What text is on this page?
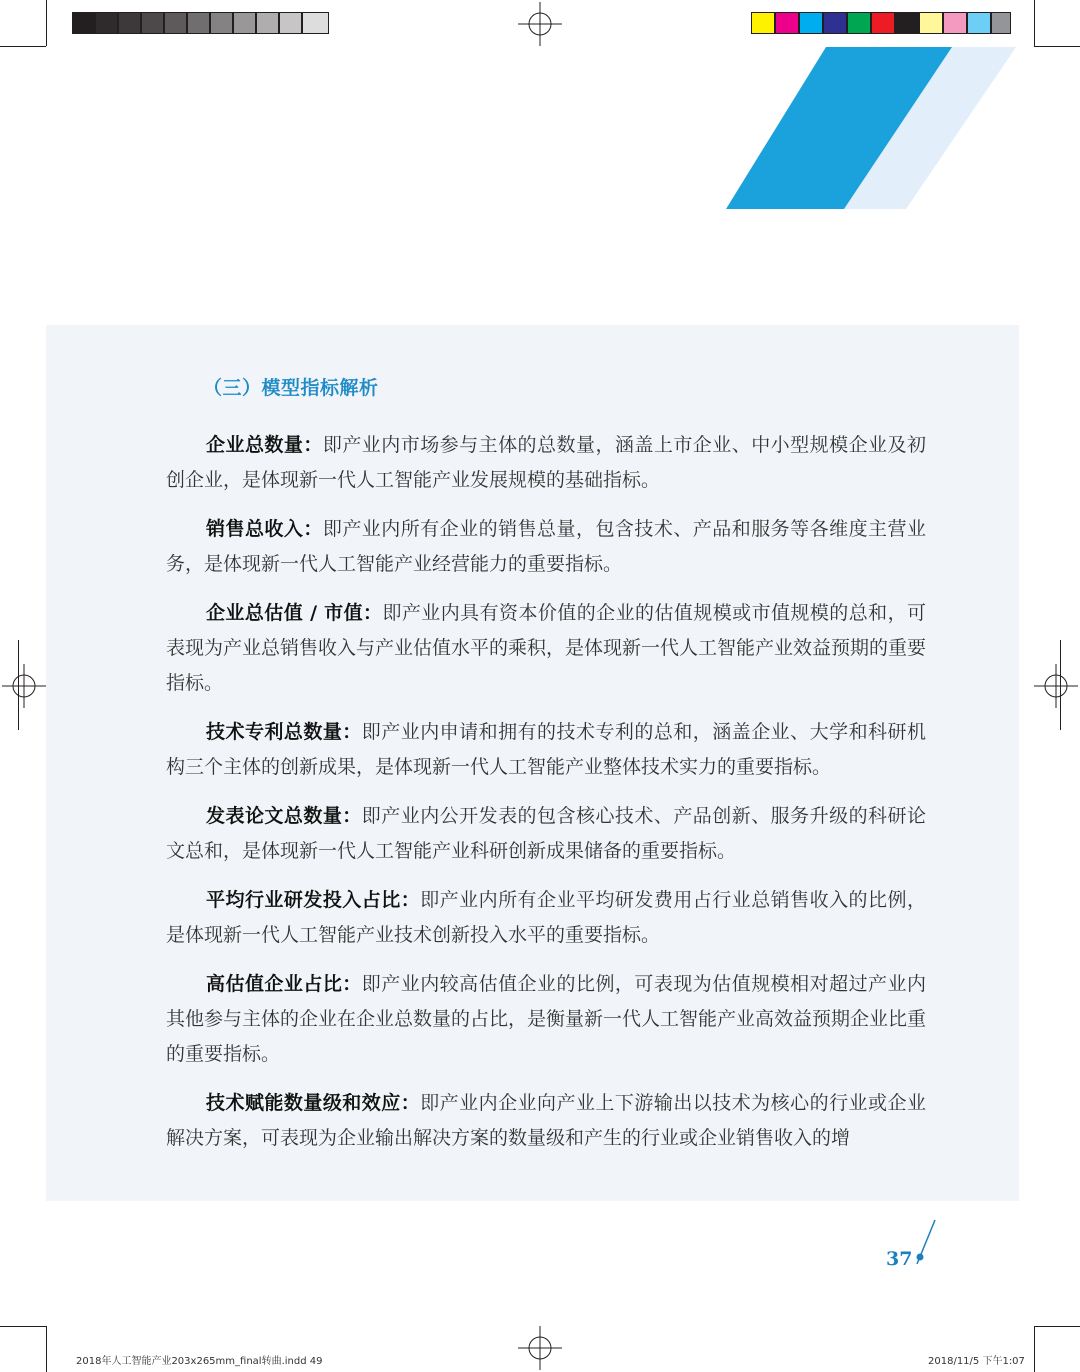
（三）模型指标解析

企业总数量：即产业内市场参与主体的总数量，涵盖上市企业、中小型规模企业及初创企业，是体现新一代人工智能产业发展规模的基础指标。

销售总收入：即产业内所有企业的销售总量，包含技术、产品和服务等各维度主营业务，是体现新一代人工智能产业经营能力的重要指标。

企业总估值 / 市值：即产业内具有资本价值的企业的估值规模或市值规模的总和，可表现为产业总销售收入与产业估值水平的乘积，是体现新一代人工智能产业效益预期的重要指标。

技术专利总数量：即产业内申请和拥有的技术专利的总和，涵盖企业、大学和科研机构三个主体的创新成果，是体现新一代人工智能产业整体技术实力的重要指标。

发表论文总数量：即产业内公开发表的包含核心技术、产品创新、服务升级的科研论文总和，是体现新一代人工智能产业科研创新成果储备的重要指标。

平均行业研发投入占比：即产业内所有企业平均研发费用占行业总销售收入的比例，是体现新一代人工智能产业技术创新投入水平的重要指标。

高估值企业占比：即产业内较高估值企业的比例，可表现为估值规模相对超过产业内其他参与主体的企业在企业总数量的占比，是衡量新一代人工智能产业高效益预期企业比重的重要指标。

技术赋能数量级和效应：即产业内企业向产业上下游输出以技术为核心的行业或企业解决方案，可表现为企业输出解决方案的数量级和产生的行业或企业销售收入的增

37
2018年人工智能产业203x265mm_final转曲.indd 49	2018/11/5 下午1:07
